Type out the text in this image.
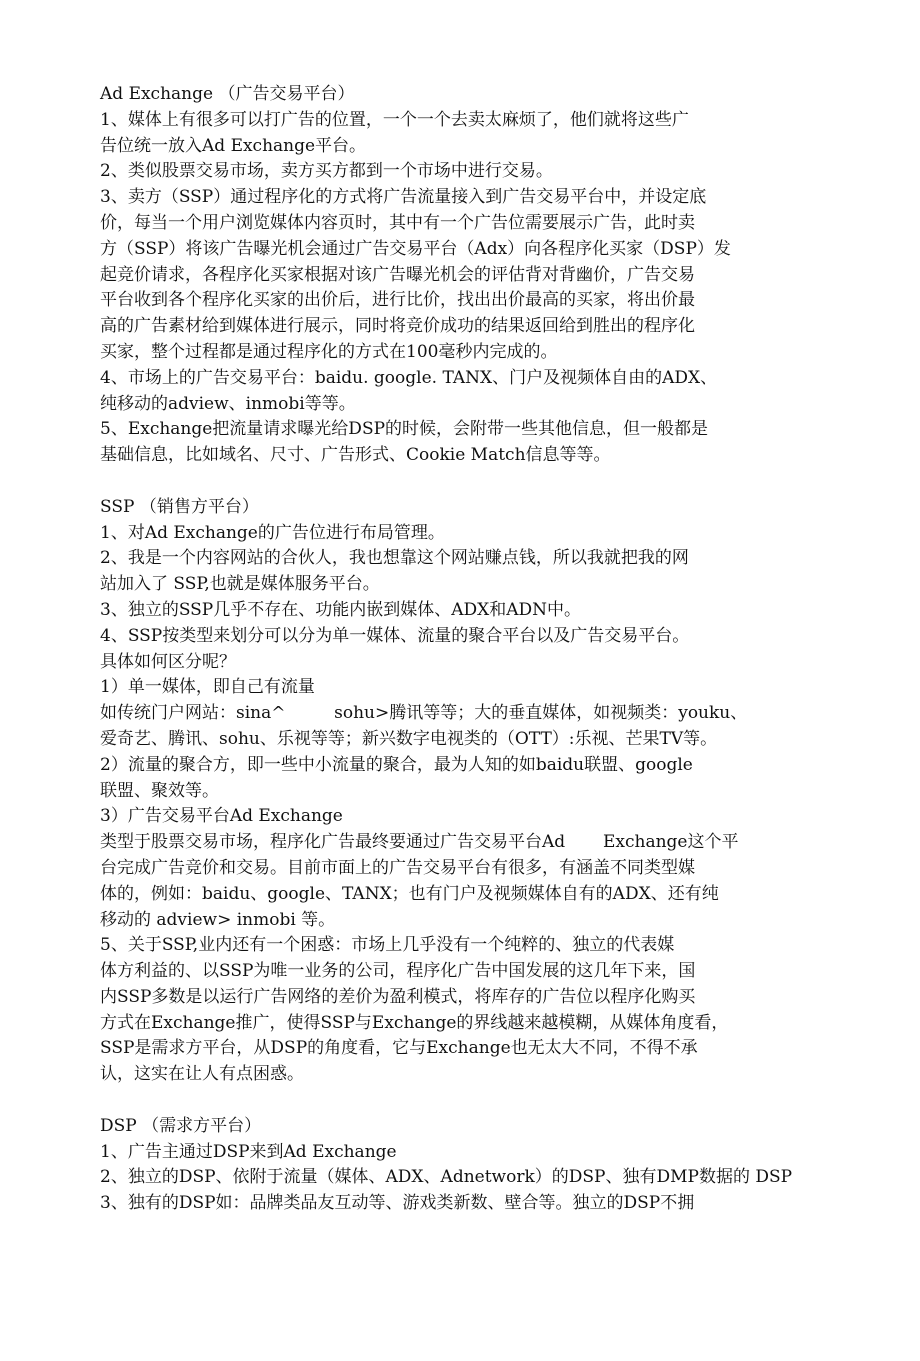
Ad Exchange （广告交易平台）
1、媒体上有很多可以打广告的位置，一个一个去卖太麻烦了，他们就将这些广
告位统一放入Ad Exchange平台。
2、类似股票交易市场，卖方买方都到一个市场中进行交易。
3、卖方（SSP）通过程序化的方式将广告流量接入到广告交易平台中，并设定底
价，每当一个用户浏览媒体内容页时，其中有一个广告位需要展示广告，此时卖
方（SSP）将该广告曝光机会通过广告交易平台（Adx）向各程序化买家（DSP）发
起竞价请求，各程序化买家根据对该广告曝光机会的评估背对背幽价，广告交易
平台收到各个程序化买家的出价后，进行比价，找出出价最高的买家，将出价最
高的广告素材给到媒体进行展示，同时将竞价成功的结果返回给到胜出的程序化
买家，整个过程都是通过程序化的方式在100毫秒内完成的。
4、市场上的广告交易平台：baidu. google. TANX、门户及视频体自由的ADX、
纯移动的adview、inmobi等等。
5、Exchange把流量请求曝光给DSP的时候，会附带一些其他信息，但一般都是
基础信息，比如域名、尺寸、广告形式、Cookie Match信息等等。
SSP （销售方平台）
1、对Ad Exchange的广告位进行布局管理。
2、我是一个内容网站的合伙人，我也想靠这个网站赚点钱，所以我就把我的网
站加入了 SSP,也就是媒体服务平台。
3、独立的SSP几乎不存在、功能内嵌到媒体、ADX和ADN中。
4、SSP按类型来划分可以分为单一媒体、流量的聚合平台以及广告交易平台。
具体如何区分呢？
1）单一媒体，即自己有流量
如传统门户网站：sina^         sohu>腾讯等等；大的垂直媒体，如视频类：youku、
爱奇艺、腾讯、sohu、乐视等等；新兴数字电视类的（OTT）:乐视、芒果TV等。
2）流量的聚合方，即一些中小流量的聚合，最为人知的如baidu联盟、google
联盟、聚效等。
3）广告交易平台Ad Exchange
类型于股票交易市场，程序化广告最终要通过广告交易平台Ad       Exchange这个平
台完成广告竞价和交易。目前市面上的广告交易平台有很多，有涵盖不同类型媒
体的，例如：baidu、google、TANX；也有门户及视频媒体自有的ADX、还有纯
移动的 adview> inmobi 等。
5、关于SSP,业内还有一个困惑：市场上几乎没有一个纯粹的、独立的代表媒
体方利益的、以SSP为唯一业务的公司，程序化广告中国发展的这几年下来，国
内SSP多数是以运行广告网络的差价为盈利模式，将库存的广告位以程序化购买
方式在Exchange推广，使得SSP与Exchange的界线越来越模糊，从媒体角度看，
SSP是需求方平台，从DSP的角度看，它与Exchange也无太大不同，不得不承
认，这实在让人有点困惑。
DSP （需求方平台）
1、广告主通过DSP来到Ad Exchange
2、独立的DSP、依附于流量（媒体、ADX、Adnetwork）的DSP、独有DMP数据的 DSP
3、独有的DSP如：品牌类品友互动等、游戏类新数、壁合等。独立的DSP不拥
